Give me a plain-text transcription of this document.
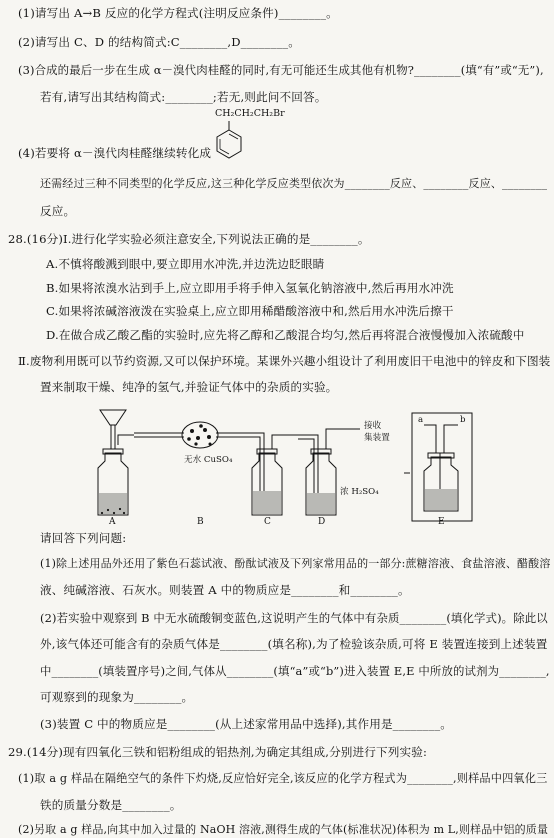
(1)请写出 A→B 反应的化学方程式(注明反应条件)________。
(2)请写出 C、D 的结构简式:C________,D________。
(3)合成的最后一步在生成 α－溴代肉桂醛的同时,有无可能还生成其他有机物?________(填“有”或“无”),
若有,请写出其结构简式:________;若无,则此问不回答。
CH₂CH₂CH₂Br
(4)若要将 α－溴代肉桂醛继续转化成
还需经过三种不同类型的化学反应,这三种化学反应类型依次为________反应、________反应、________
反应。
28.(16分)Ⅰ.进行化学实验必须注意安全,下列说法正确的是________。
A.不慎将酸溅到眼中,要立即用水冲洗,并边洗边眨眼睛
B.如果将浓溴水沾到手上,应立即用手将手伸入氢氧化钠溶液中,然后再用水冲洗
C.如果将浓碱溶液泼在实验桌上,应立即用稀醋酸溶液中和,然后用水冲洗后擦干
D.在做合成乙酸乙酯的实验时,应先将乙醇和乙酸混合均匀,然后再将混合液慢慢加入浓硫酸中
Ⅱ.废物利用既可以节约资源,又可以保护环境。某课外兴趣小组设计了利用废旧干电池中的锌皮和下图装
置来制取干燥、纯净的氢气,并验证气体中的杂质的实验。
无水 CuSO₄
浓 H₂SO₄
接收
集装置
a	b
A	B	C	D	E
请回答下列问题:
(1)除上述用品外还用了紫色石蕊试液、酚酞试液及下列家常用品的一部分:蔗糖溶液、食盐溶液、醋酸溶
液、纯碱溶液、石灰水。则装置 A 中的物质应是________和________。
(2)若实验中观察到 B 中无水硫酸铜变蓝色,这说明产生的气体中有杂质________(填化学式)。除此以
外,该气体还可能含有的杂质气体是________(填名称),为了检验该杂质,可将 E 装置连接到上述装置
中________(填装置序号)之间,气体从________(填“a”或“b”)进入装置 E,E 中所放的试剂为________,
可观察到的现象为________。
(3)装置 C 中的物质应是________(从上述家常用品中选择),其作用是________。
29.(14分)现有四氧化三铁和铝粉组成的铝热剂,为确定其组成,分别进行下列实验:
(1)取 a g 样品在隔绝空气的条件下灼烧,反应恰好完全,该反应的化学方程式为________,则样品中四氧化三
铁的质量分数是________。
(2)另取 a g 样品,向其中加入过量的 NaOH 溶液,测得生成的气体(标准状况)体积为 m L,则样品中铝的质量
